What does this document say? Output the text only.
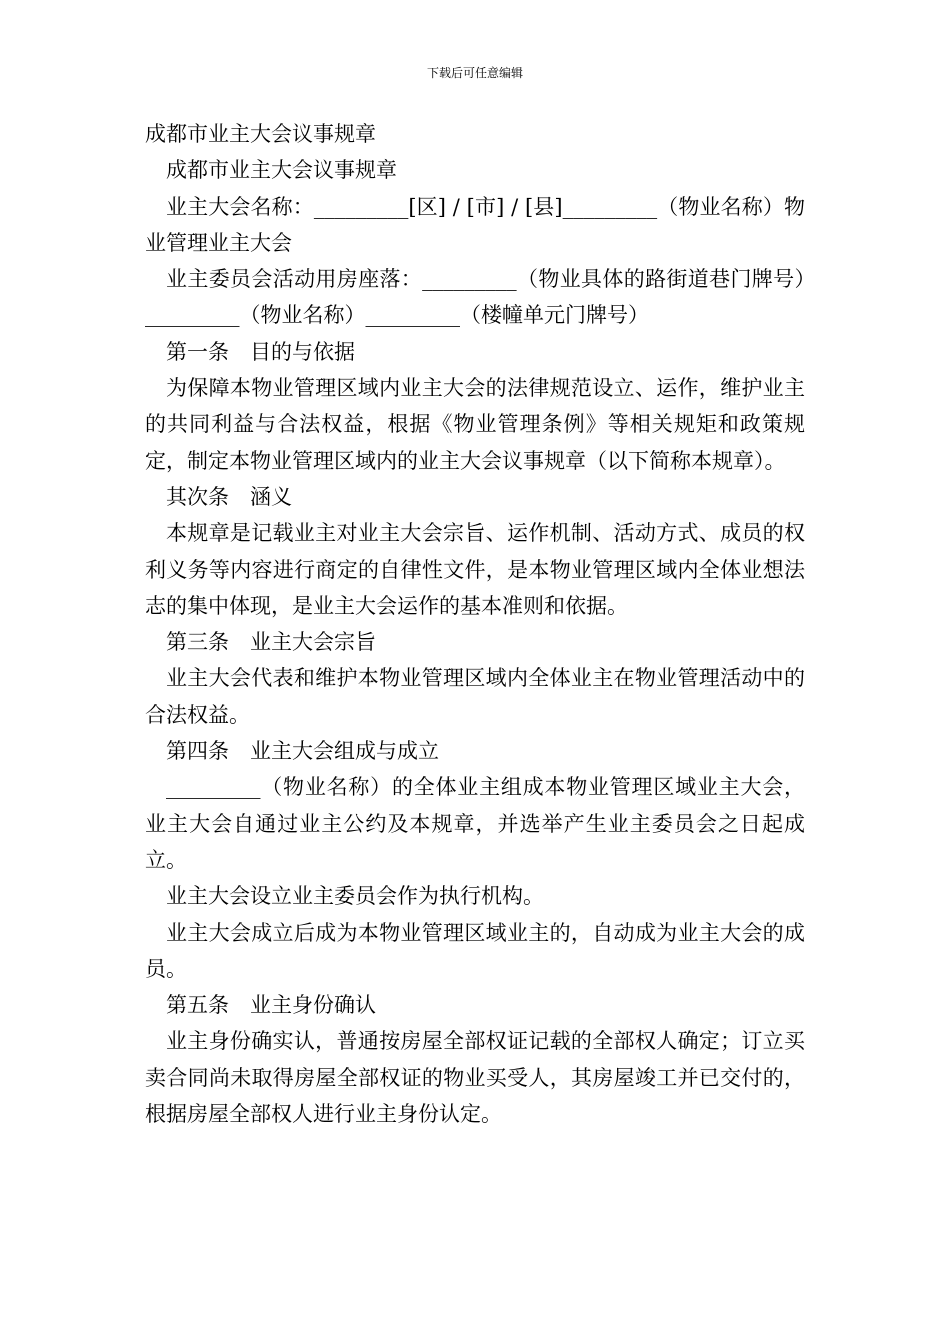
下载后可任意编辑

成都市业主大会议事规章

成都市业主大会议事规章

业主大会名称：_________[区] / [市] / [县]_________（物业名称）物业管理业主大会

业主委员会活动用房座落：_________（物业具体的路街道巷门牌号）_________（物业名称）_________（楼幢单元门牌号）

第一条　目的与依据

为保障本物业管理区域内业主大会的法律规范设立、运作，维护业主的共同利益与合法权益，根据《物业管理条例》等相关规矩和政策规定，制定本物业管理区域内的业主大会议事规章（以下简称本规章）。

其次条　涵义

本规章是记载业主对业主大会宗旨、运作机制、活动方式、成员的权利义务等内容进行商定的自律性文件，是本物业管理区域内全体业想法志的集中体现，是业主大会运作的基本准则和依据。

第三条　业主大会宗旨

业主大会代表和维护本物业管理区域内全体业主在物业管理活动中的合法权益。

第四条　业主大会组成与成立

_________（物业名称）的全体业主组成本物业管理区域业主大会，业主大会自通过业主公约及本规章，并选举产生业主委员会之日起成立。

业主大会设立业主委员会作为执行机构。

业主大会成立后成为本物业管理区域业主的，自动成为业主大会的成员。

第五条　业主身份确认

业主身份确实认，普通按房屋全部权证记载的全部权人确定；订立买卖合同尚未取得房屋全部权证的物业买受人，其房屋竣工并已交付的，根据房屋全部权人进行业主身份认定。
